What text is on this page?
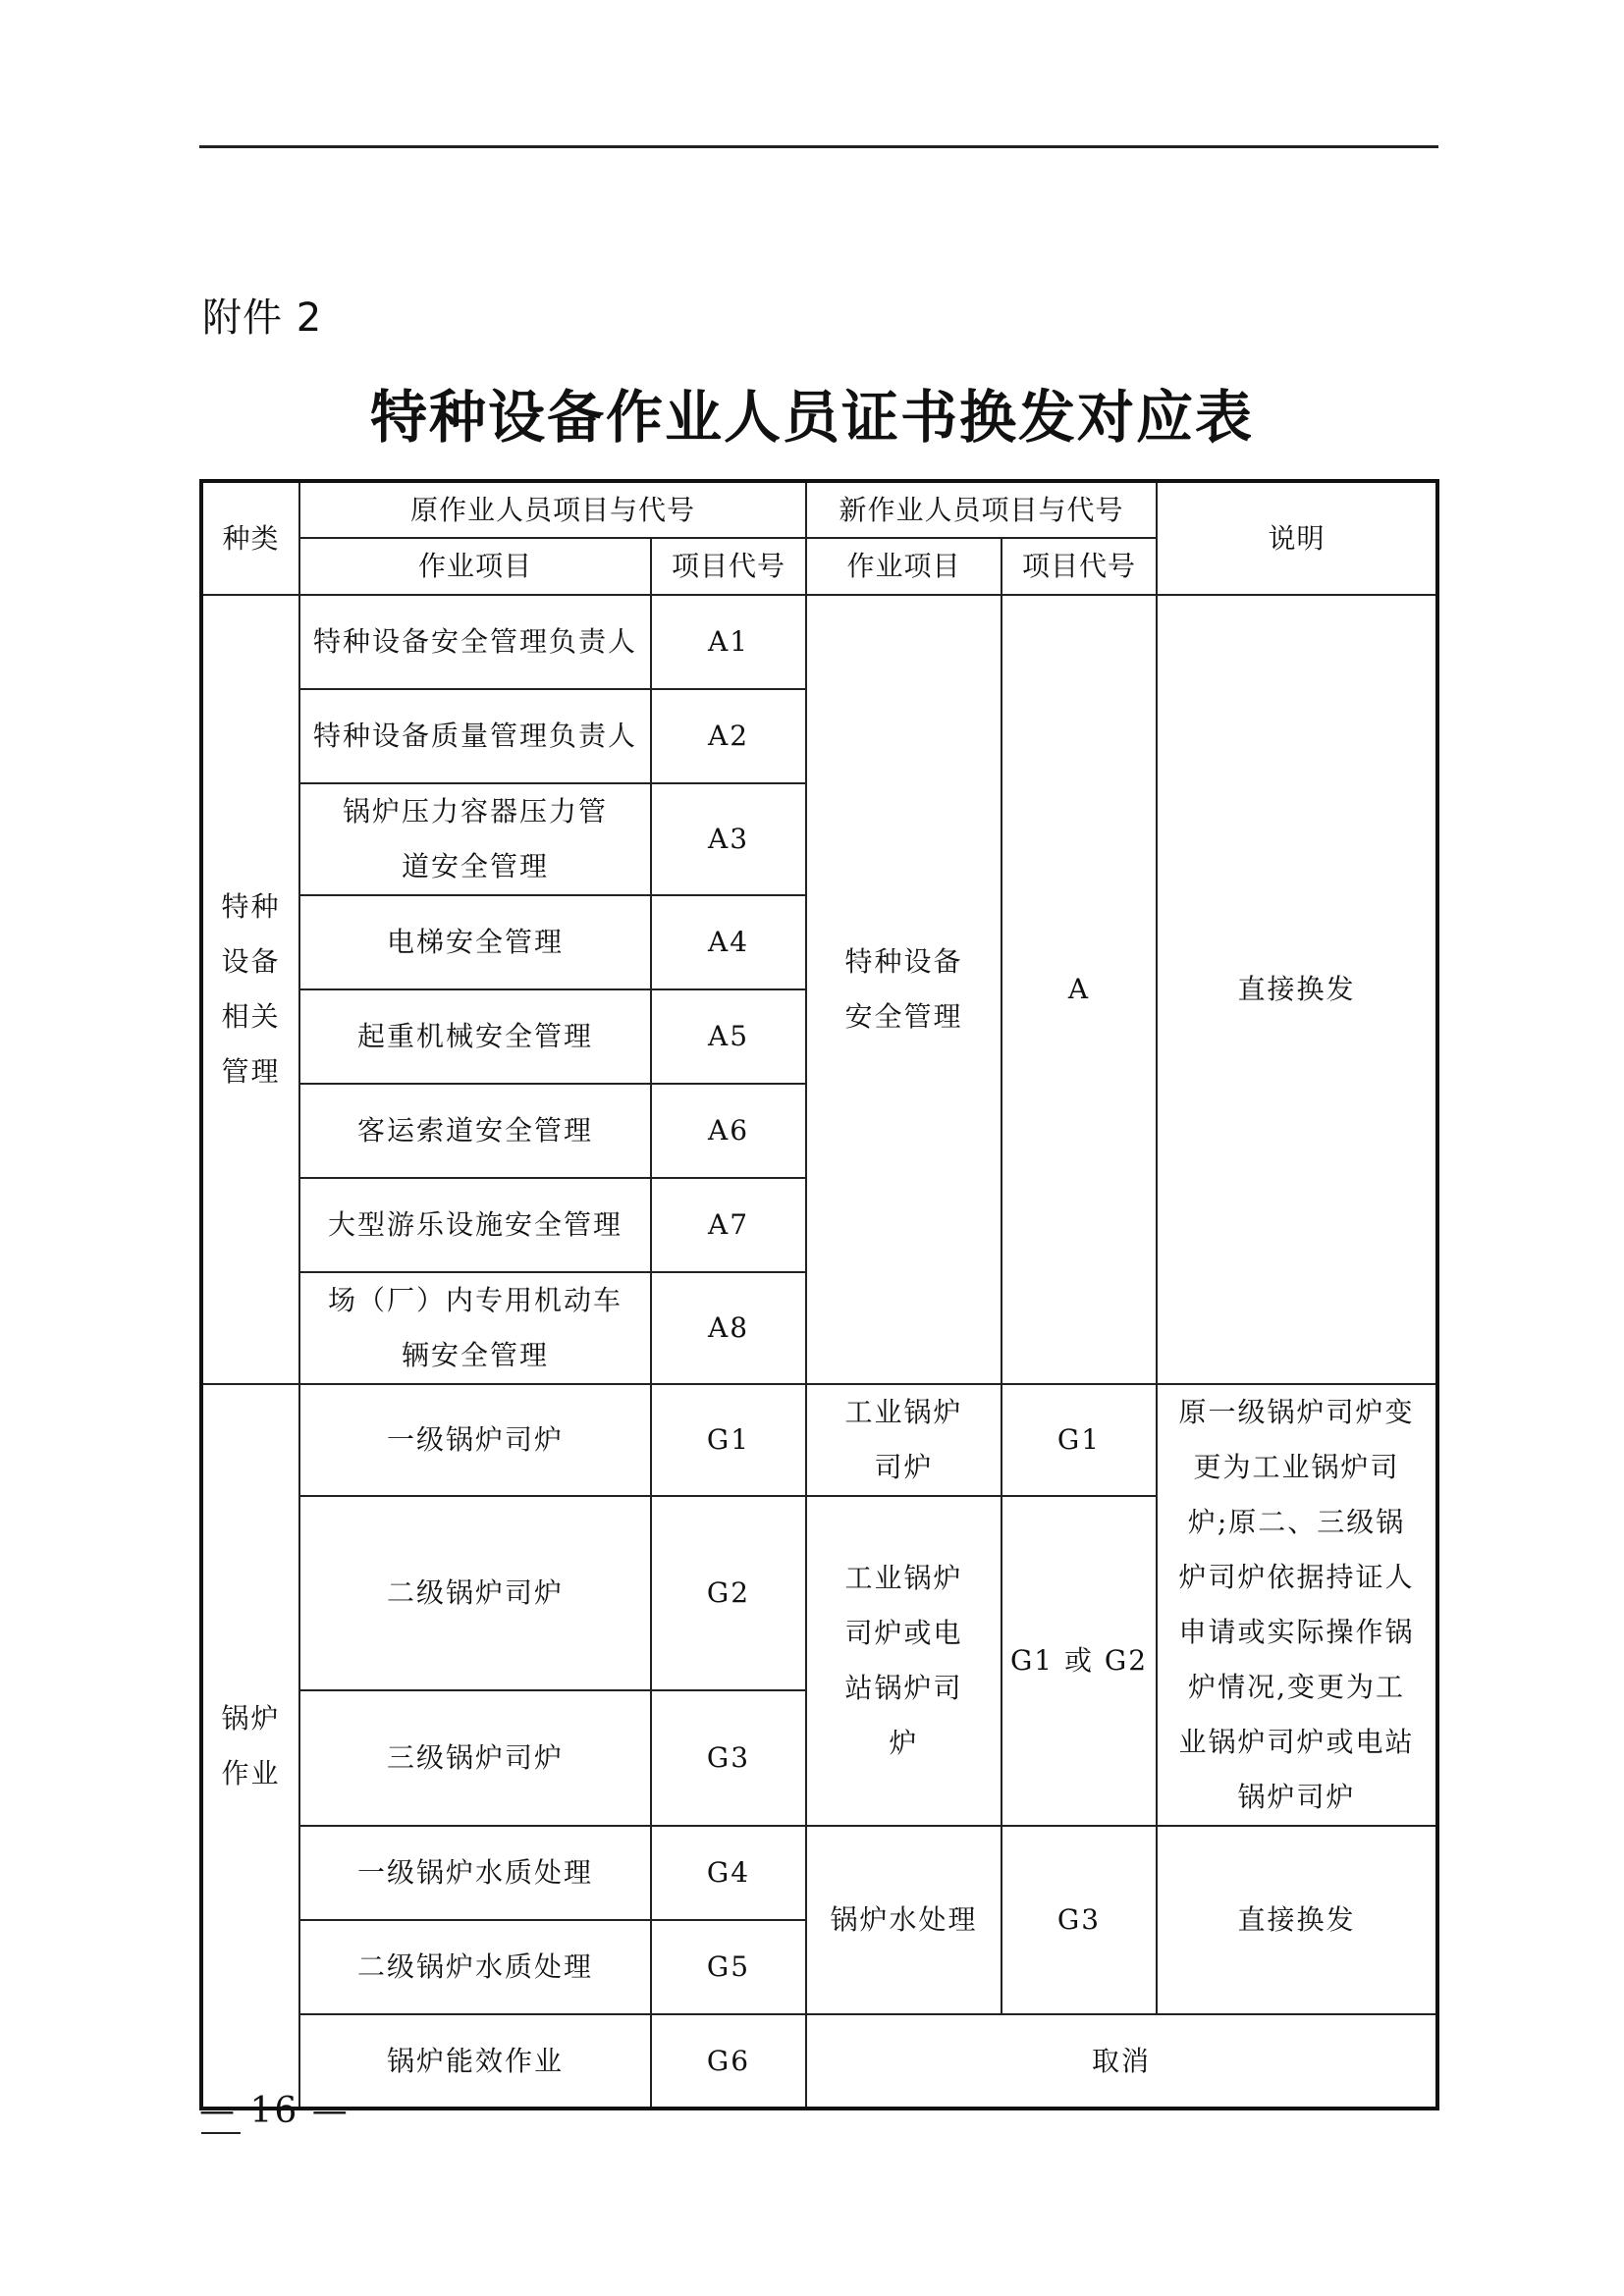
附件 2
特种设备作业人员证书换发对应表
种类	原作业人员项目与代号		新作业人员项目与代号		说明
	作业项目	项目代号	作业项目	项目代号	
特种设备相关管理	特种设备安全管理负责人	A1	特种设备安全管理	A	直接换发
	特种设备质量管理负责人	A2			
	锅炉压力容器压力管道安全管理	A3			
	电梯安全管理	A4			
	起重机械安全管理	A5			
	客运索道安全管理	A6			
	大型游乐设施安全管理	A7			
	场（厂）内专用机动车辆安全管理	A8			
锅炉作业	一级锅炉司炉	G1	工业锅炉司炉	G1	原一级锅炉司炉变更为工业锅炉司炉;原二、三级锅炉司炉依据持证人申请或实际操作锅炉情况,变更为工业锅炉司炉或电站锅炉司炉
	二级锅炉司炉	G2	工业锅炉司炉或电站锅炉司炉	G1 或 G2	
	三级锅炉司炉	G3			
	一级锅炉水质处理	G4	锅炉水处理	G3	直接换发
	二级锅炉水质处理	G5			
	锅炉能效作业	G6	取消		
— 16 —
